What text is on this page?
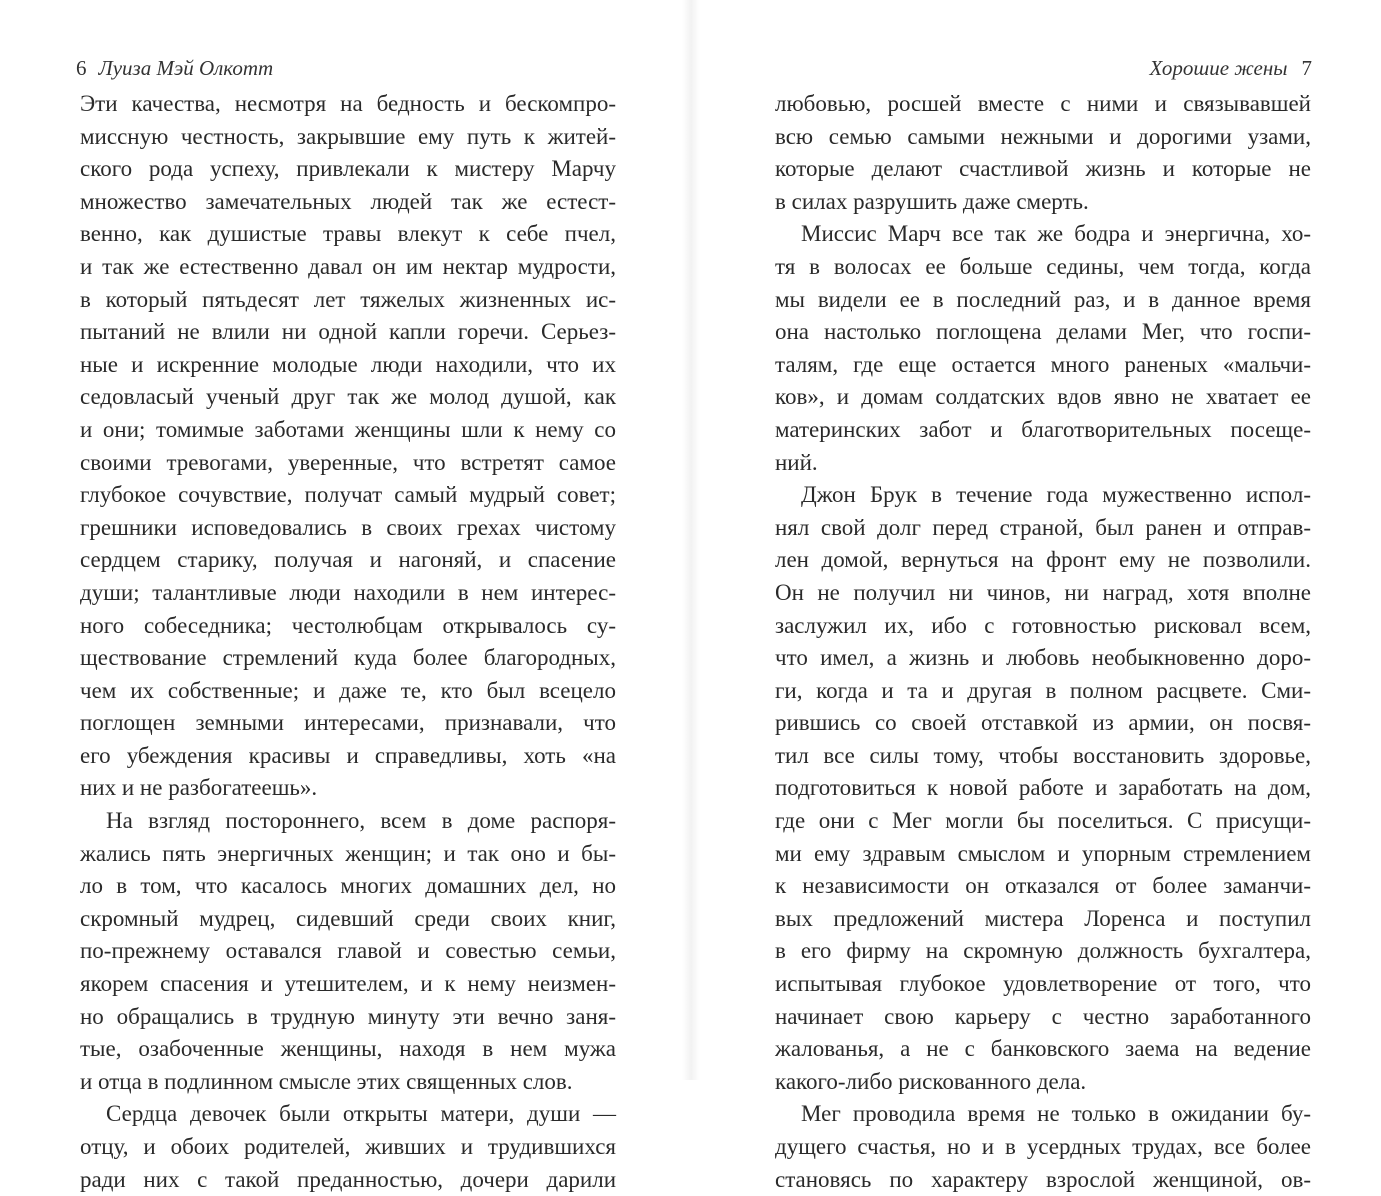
6 Луиза Мэй Олкотт
Эти качества, несмотря на бедность и бескомпро-
миссную честность, закрывшие ему путь к житей-
ского рода успеху, привлекали к мистеру Марчу
множество замечательных людей так же естест-
венно, как душистые травы влекут к себе пчел,
и так же естественно давал он им нектар мудрости,
в который пятьдесят лет тяжелых жизненных ис-
пытаний не влили ни одной капли горечи. Серьез-
ные и искренние молодые люди находили, что их
седовласый ученый друг так же молод душой, как
и они; томимые заботами женщины шли к нему со
своими тревогами, уверенные, что встретят самое
глубокое сочувствие, получат самый мудрый совет;
грешники исповедовались в своих грехах чистому
сердцем старику, получая и нагоняй, и спасение
души; талантливые люди находили в нем интерес-
ного собеседника; честолюбцам открывалось су-
ществование стремлений куда более благородных,
чем их собственные; и даже те, кто был всецело
поглощен земными интересами, признавали, что
его убеждения красивы и справедливы, хоть «на
них и не разбогатеешь».
На взгляд постороннего, всем в доме распоря-
жались пять энергичных женщин; и так оно и бы-
ло в том, что касалось многих домашних дел, но
скромный мудрец, сидевший среди своих книг,
по-прежнему оставался главой и совестью семьи,
якорем спасения и утешителем, и к нему неизмен-
но обращались в трудную минуту эти вечно заня-
тые, озабоченные женщины, находя в нем мужа
и отца в подлинном смысле этих священных слов.
Сердца девочек были открыты матери, души —
отцу, и обоих родителей, живших и трудившихся
ради них с такой преданностью, дочери дарили
Хорошие жены 7
любовью, росшей вместе с ними и связывавшей
всю семью самыми нежными и дорогими узами,
которые делают счастливой жизнь и которые не
в силах разрушить даже смерть.
Миссис Марч все так же бодра и энергична, хо-
тя в волосах ее больше седины, чем тогда, когда
мы видели ее в последний раз, и в данное время
она настолько поглощена делами Мег, что госпи-
талям, где еще остается много раненых «мальчи-
ков», и домам солдатских вдов явно не хватает ее
материнских забот и благотворительных посеще-
ний.
Джон Брук в течение года мужественно испол-
нял свой долг перед страной, был ранен и отправ-
лен домой, вернуться на фронт ему не позволили.
Он не получил ни чинов, ни наград, хотя вполне
заслужил их, ибо с готовностью рисковал всем,
что имел, а жизнь и любовь необыкновенно доро-
ги, когда и та и другая в полном расцвете. Сми-
рившись со своей отставкой из армии, он посвя-
тил все силы тому, чтобы восстановить здоровье,
подготовиться к новой работе и заработать на дом,
где они с Мег могли бы поселиться. С присущи-
ми ему здравым смыслом и упорным стремлением
к независимости он отказался от более заманчи-
вых предложений мистера Лоренса и поступил
в его фирму на скромную должность бухгалтера,
испытывая глубокое удовлетворение от того, что
начинает свою карьеру с честно заработанного
жалованья, а не с банковского заема на ведение
какого-либо рискованного дела.
Мег проводила время не только в ожидании бу-
дущего счастья, но и в усердных трудах, все более
становясь по характеру взрослой женщиной, ов-
